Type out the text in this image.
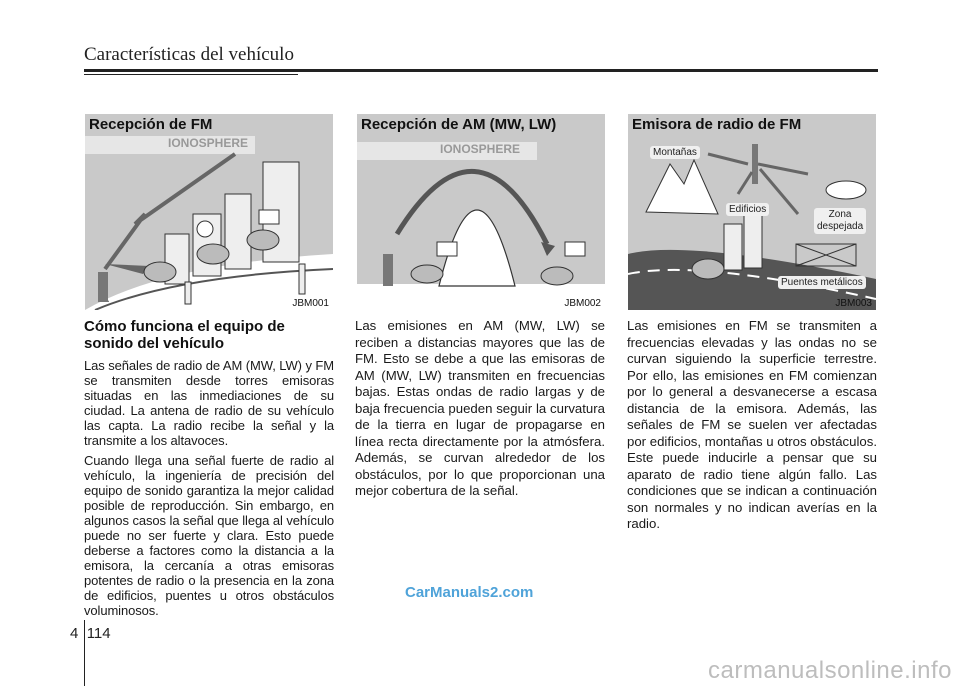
Características del vehículo
Recepción de FM
IONOSPHERE
JBM001
Recepción de AM (MW, LW)
IONOSPHERE
JBM002
Emisora de radio de FM
Montañas
Edificios	Zona
despejada
Puentes metálicos
JBM003
Cómo funciona el equipo de
sonido del vehículo

Las señales de radio de AM (MW, LW) y FM se transmiten desde torres emisoras situadas en las inmediaciones de su ciudad. La antena de radio de su vehículo las capta. La radio recibe la señal y la transmite a los altavoces.

Cuando llega una señal fuerte de radio al vehículo, la ingeniería de precisión del equipo de sonido garantiza la mejor calidad posible de reproducción. Sin embargo, en algunos casos la señal que llega al vehículo puede no ser fuerte y clara. Esto puede deberse a factores como la distancia a la emisora, la cercanía a otras emisoras potentes de radio o la presencia en la zona de edificios, puentes u otros obstáculos voluminosos.

Las emisiones en AM (MW, LW) se reciben a distancias mayores que las de FM. Esto se debe a que las emisoras de AM (MW, LW) transmiten en frecuencias bajas. Estas ondas de radio largas y de baja frecuencia pueden seguir la curvatura de la tierra en lugar de propagarse en línea recta directamente por la atmósfera. Además, se curvan alrededor de los obstáculos, por lo que proporcionan una mejor cobertura de la señal.

Las emisiones en FM se transmiten a frecuencias elevadas y las ondas no se curvan siguiendo la superficie terrestre. Por ello, las emisiones en FM comienzan por lo general a desvanecerse a escasa distancia de la emisora. Además, las señales de FM se suelen ver afectadas por edificios, montañas u otros obstáculos. Este puede inducirle a pensar que su aparato de radio tiene algún fallo. Las condiciones que se indican a continuación son normales y no indican averías en la radio.

CarManuals2.com
4 114
carmanualsonline.info
